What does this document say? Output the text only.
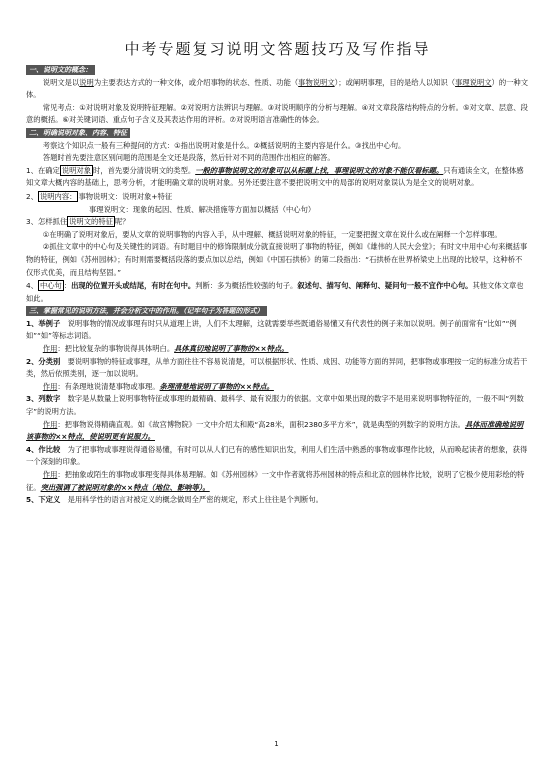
中考专题复习说明文答题技巧及写作指导

一、说明文的概念：

说明文是以说明为主要表达方式的一种文体，或介绍事物的状态、性质、功能（事物说明文）；或阐明事理，目的是给人以知识（事理说明文）的一种文体。

常见考点：①对说明对象及说明特征理解。②对说明方法辨识与理解。③对说明顺序的分析与理解。④对文章段落结构特点的分析。⑤对文章、层意、段意的概括。⑥对关键词语、重点句子含义及其表达作用的评析。⑦对说明语言准确性的体会。

二、明确说明对象、内容、特征

考察这个知识点一般有三种提问的方式：①指出说明对象是什么。②概括说明的主要内容是什么。③找出中心句。

答题时首先要注意区别问题的范围是全文还是段落，然后针对不同的范围作出相应的解答。

1、在确定 说明对象 时，首先要分清说明文的类型。一般的事物说明文的对象可以从标题上找，事理说明文的对象不能仅看标题。只有通读全文，在整体感知文章大概内容的基础上，思考分析，才能明确文章的说明对象。另外还要注意不要把说明文中的局部的说明对象误认为是全文的说明对象。

2、 说明内容： 事物说明文：说明对象+特征

事理说明文：现象的起因、性质、解决措施等方面加以概括（中心句）

3、怎样抓住 说明文的特征 呢？

①在明确了说明对象后，要从文章的说明事物的内容入手，从中理解、概括说明对象的特征，一定要把握文章在说什么或在阐释一个怎样事理。

②抓住文章中的中心句及关键性的词语。有时题目中的修饰限制成分就直接说明了事物的特征，例如《雄伟的人民大会堂》；有时文中用中心句来概括事物的特征，例如《苏州园林》；有时则需要概括段落的要点加以总结，例如《中国石拱桥》的第二段指出：“石拱桥在世界桥梁史上出现的比较早，这种桥不仅形式优美，而且结构坚固。”

4、 中心句 ：出现的位置开头或结尾，有时在句中。判断：多为概括性较强的句子。叙述句、描写句、阐释句、疑问句一般不宜作中心句。其他文体文章也如此。

三、掌握常见的说明方法，并会分析文中的作用。（记牢句子为答题的形式）

1、举例子　 说明事物的情况或事理有时只从道理上讲，人们不太理解，这就需要举些既通俗易懂又有代表性的例子来加以说明。例子前面常有“比如”“例如”“如”等标志词语。

作用：把比较复杂的事物说得具体明白。具体真切地说明了事物的××特点。

2、分类别　 要说明事物的特征或事理，从单方面往往不容易说清楚，可以根据形状、性质、成因、功能等方面的异同，把事物或事理按一定的标准分成若干类，然后依照类别，逐一加以说明。

作用：有条理地说清楚事物或事理。条理清楚地说明了事物的××特点。

3、列数字　 数字是从数量上说明事物特征或事理的最精确、最科学、最有说服力的依据。文章中如果出现的数字不是用来说明事物特征的，一般不叫“列数字”的说明方法。

作用：把事物说得精确直观。如《故宫博物院》一文中介绍太和殿“高28米，面积2380多平方米”，就是典型的列数字的说明方法。具体而准确地说明该事物的××特点，使说明更有说服力。

4、作比较　 为了把事物或事理说得通俗易懂，有时可以从人们已有的感性知识出发，利用人们生活中熟悉的事物或事理作比较，从而唤起读者的想象，获得一个深刻的印象。

作用：把抽象或陌生的事物或事理变得具体易理解。如《苏州园林》一文中作者就将苏州园林的特点和北京的园林作比较，说明了它极少使用彩绘的特征。突出强调了被说明对象的××特点（地位、影响等）。

5、下定义　 是用科学性的语言对被定义的概念做周全严密的规定，形式上往往是个判断句。

1
